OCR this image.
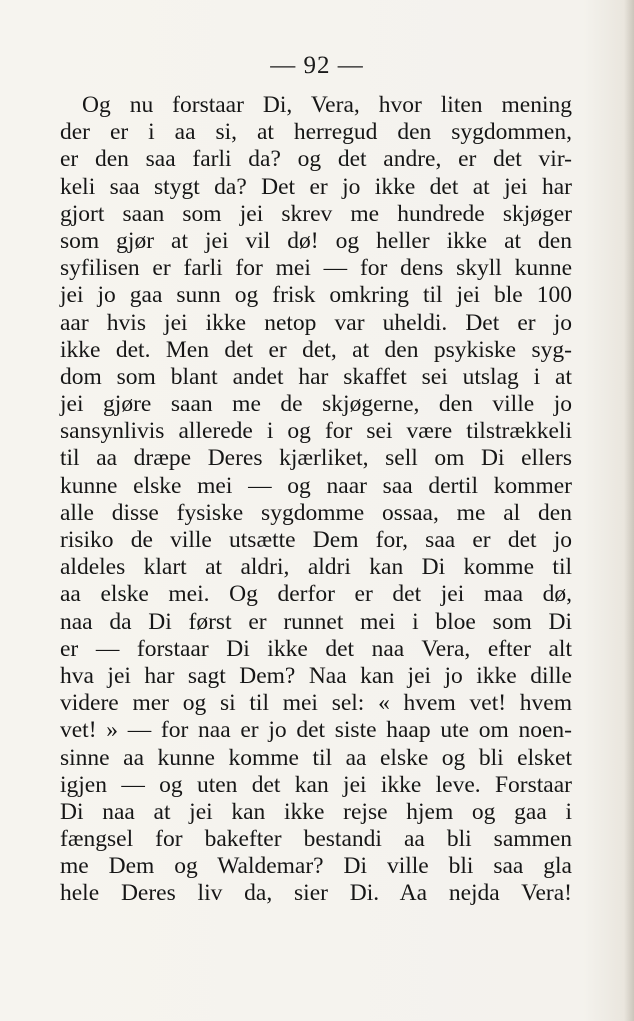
— 92 —
Og nu forstaar Di, Vera, hvor liten mening
der er i aa si, at herregud den sygdommen,
er den saa farli da? og det andre, er det vir-
keli saa stygt da? Det er jo ikke det at jei har
gjort saan som jei skrev me hundrede skjøger
som gjør at jei vil dø! og heller ikke at den
syfilisen er farli for mei — for dens skyll kunne
jei jo gaa sunn og frisk omkring til jei ble 100
aar hvis jei ikke netop var uheldi. Det er jo
ikke det. Men det er det, at den psykiske syg-
dom som blant andet har skaffet sei utslag i at
jei gjøre saan me de skjøgerne, den ville jo
sansynlivis allerede i og for sei være tilstrækkeli
til aa dræpe Deres kjærliket, sell om Di ellers
kunne elske mei — og naar saa dertil kommer
alle disse fysiske sygdomme ossaa, me al den
risiko de ville utsætte Dem for, saa er det jo
aldeles klart at aldri, aldri kan Di komme til
aa elske mei. Og derfor er det jei maa dø,
naa da Di først er runnet mei i bloe som Di
er — forstaar Di ikke det naa Vera, efter alt
hva jei har sagt Dem? Naa kan jei jo ikke dille
videre mer og si til mei sel: « hvem vet! hvem
vet! » — for naa er jo det siste haap ute om noen-
sinne aa kunne komme til aa elske og bli elsket
igjen — og uten det kan jei ikke leve. Forstaar
Di naa at jei kan ikke rejse hjem og gaa i
fængsel for bakefter bestandi aa bli sammen
me Dem og Waldemar? Di ville bli saa gla
hele Deres liv da, sier Di. Aa nejda Vera!
